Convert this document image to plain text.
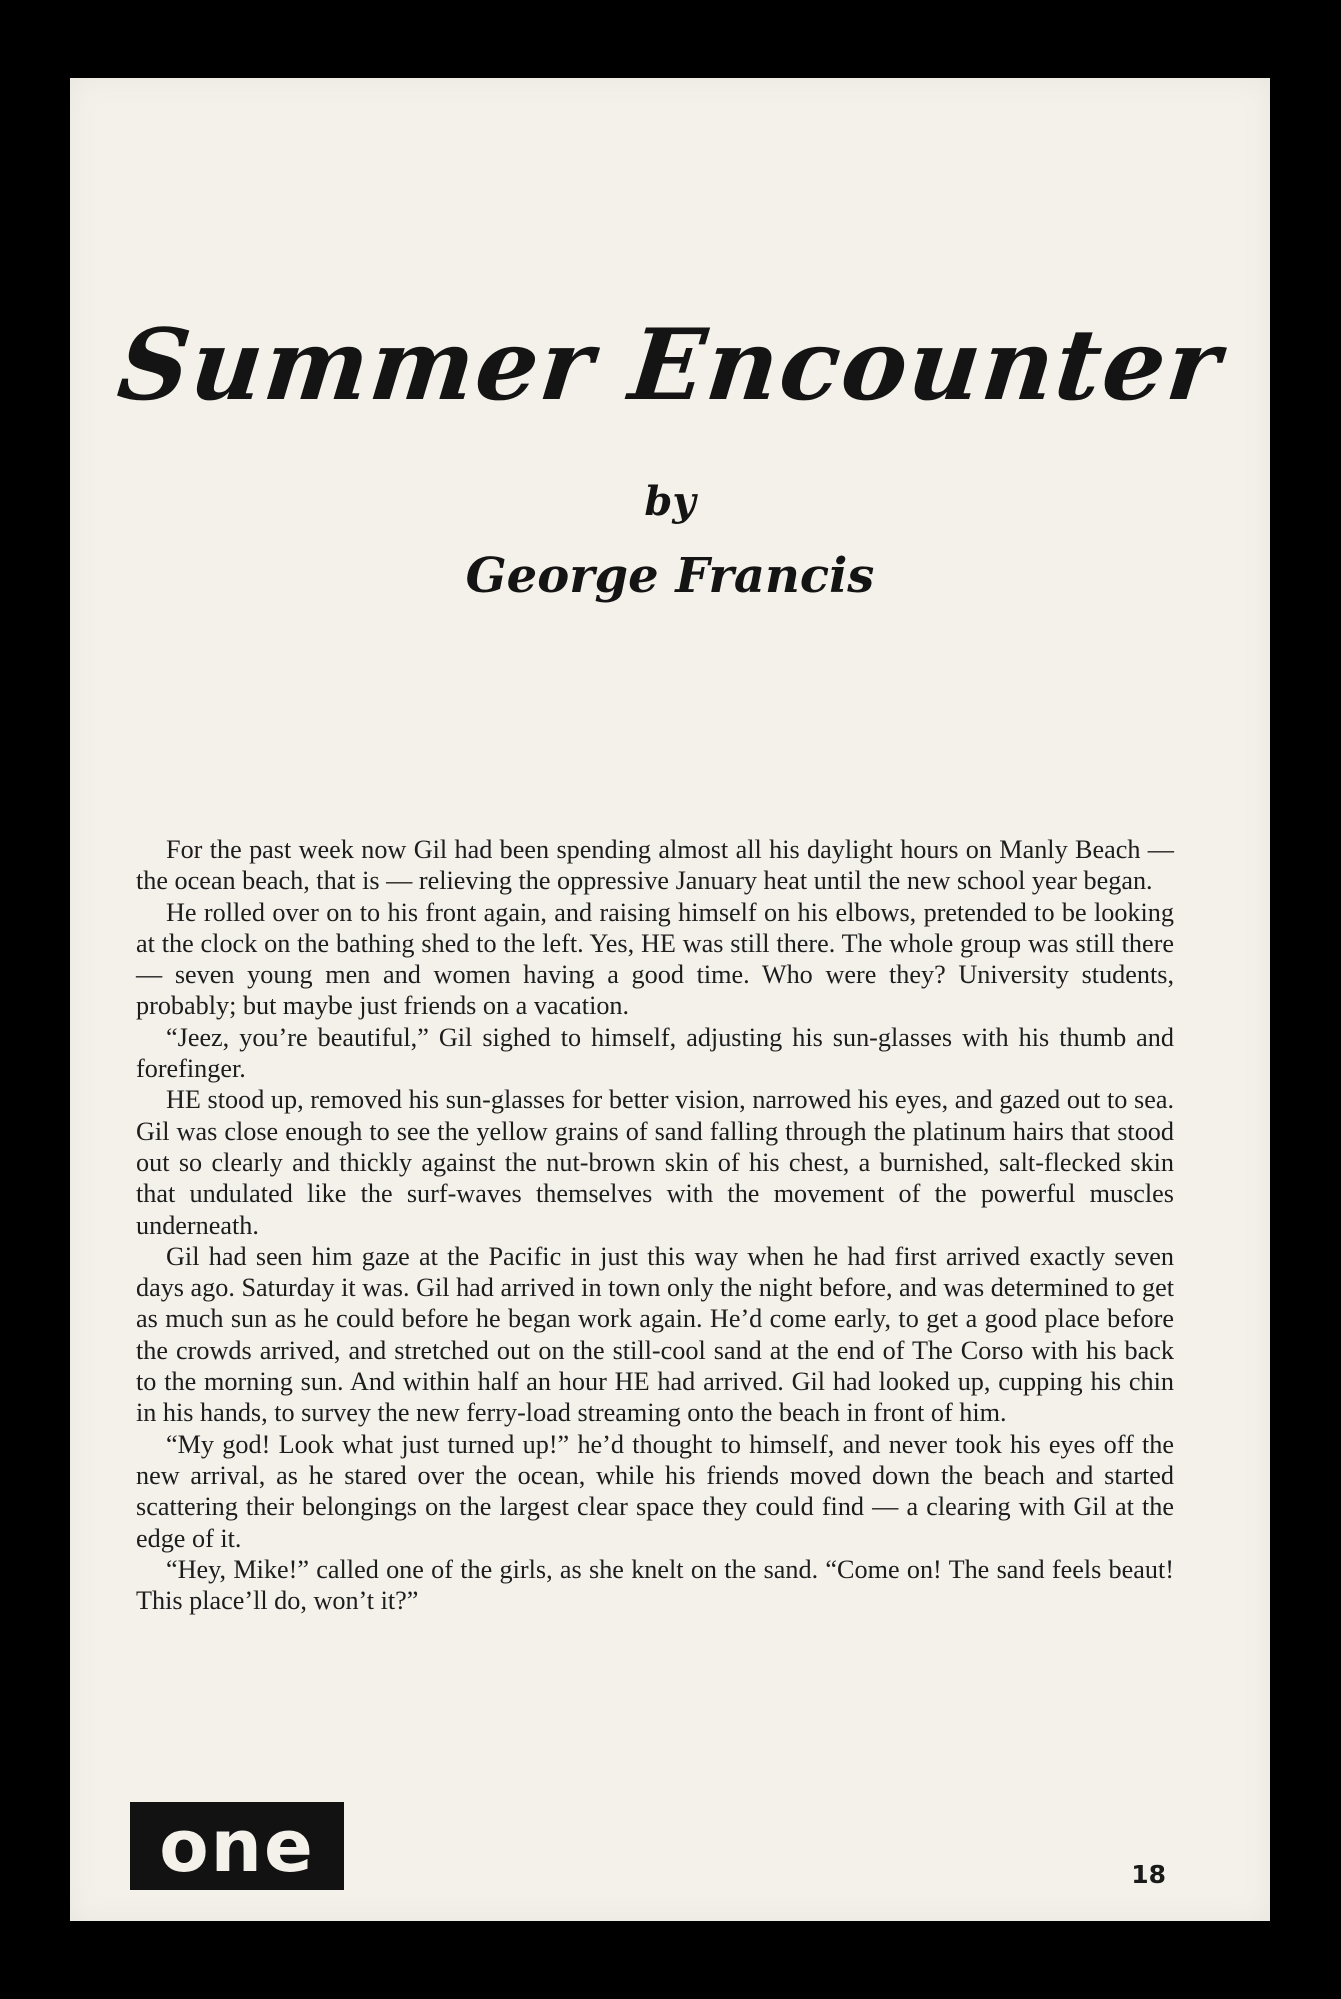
Summer Encounter
by
George Francis

For the past week now Gil had been spending almost all his daylight hours on Manly Beach — the ocean beach, that is — relieving the oppressive January heat until the new school year began.

He rolled over on to his front again, and raising himself on his elbows, pretended to be looking at the clock on the bathing shed to the left. Yes, HE was still there. The whole group was still there — seven young men and women having a good time. Who were they? University students, probably; but maybe just friends on a vacation.

“Jeez, you’re beautiful,” Gil sighed to himself, adjusting his sun-glasses with his thumb and forefinger.

HE stood up, removed his sun-glasses for better vision, narrowed his eyes, and gazed out to sea. Gil was close enough to see the yellow grains of sand falling through the platinum hairs that stood out so clearly and thickly against the nut-brown skin of his chest, a burnished, salt-flecked skin that undulated like the surf-waves themselves with the movement of the powerful muscles underneath.

Gil had seen him gaze at the Pacific in just this way when he had first arrived exactly seven days ago. Saturday it was. Gil had arrived in town only the night before, and was determined to get as much sun as he could before he began work again. He’d come early, to get a good place before the crowds arrived, and stretched out on the still-cool sand at the end of The Corso with his back to the morning sun. And within half an hour HE had arrived. Gil had looked up, cupping his chin in his hands, to survey the new ferry-load streaming onto the beach in front of him.

“My god! Look what just turned up!” he’d thought to himself, and never took his eyes off the new arrival, as he stared over the ocean, while his friends moved down the beach and started scattering their belongings on the largest clear space they could find — a clearing with Gil at the edge of it.

“Hey, Mike!” called one of the girls, as she knelt on the sand. “Come on! The sand feels beaut! This place’ll do, won’t it?”

one	18
